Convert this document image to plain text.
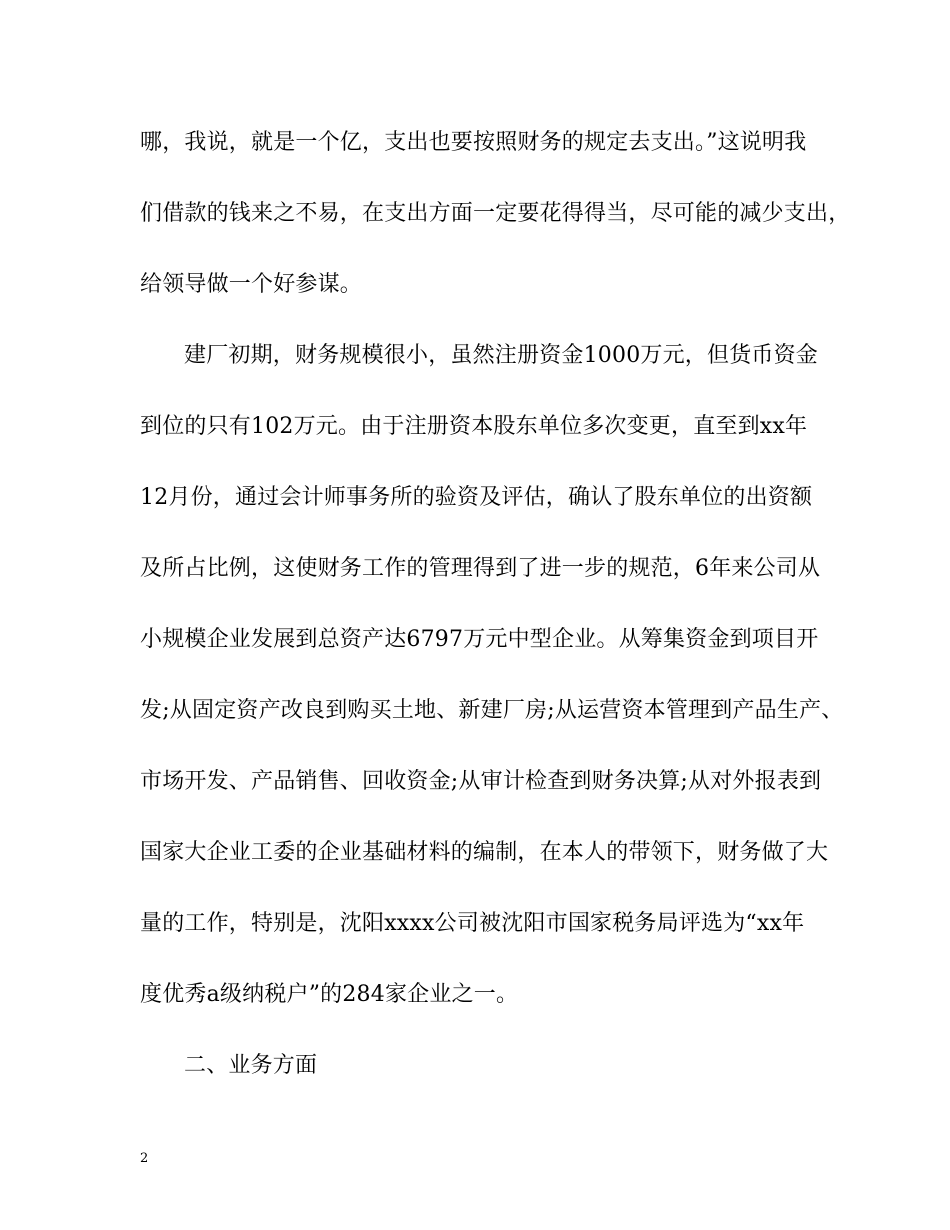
哪，我说，就是一个亿，支出也要按照财务的规定去支出。”这说明我
们借款的钱来之不易，在支出方面一定要花得得当，尽可能的减少支出，
给领导做一个好参谋。
建厂初期，财务规模很小，虽然注册资金1000万元，但货币资金
到位的只有102万元。由于注册资本股东单位多次变更，直至到xx年
12月份，通过会计师事务所的验资及评估，确认了股东单位的出资额
及所占比例，这使财务工作的管理得到了进一步的规范，6年来公司从
小规模企业发展到总资产达6797万元中型企业。从筹集资金到项目开
发;从固定资产改良到购买土地、新建厂房;从运营资本管理到产品生产、
市场开发、产品销售、回收资金;从审计检查到财务决算;从对外报表到
国家大企业工委的企业基础材料的编制，在本人的带领下，财务做了大
量的工作，特别是，沈阳xxxx公司被沈阳市国家税务局评选为“xx年
度优秀a级纳税户”的284家企业之一。
二、业务方面
2
